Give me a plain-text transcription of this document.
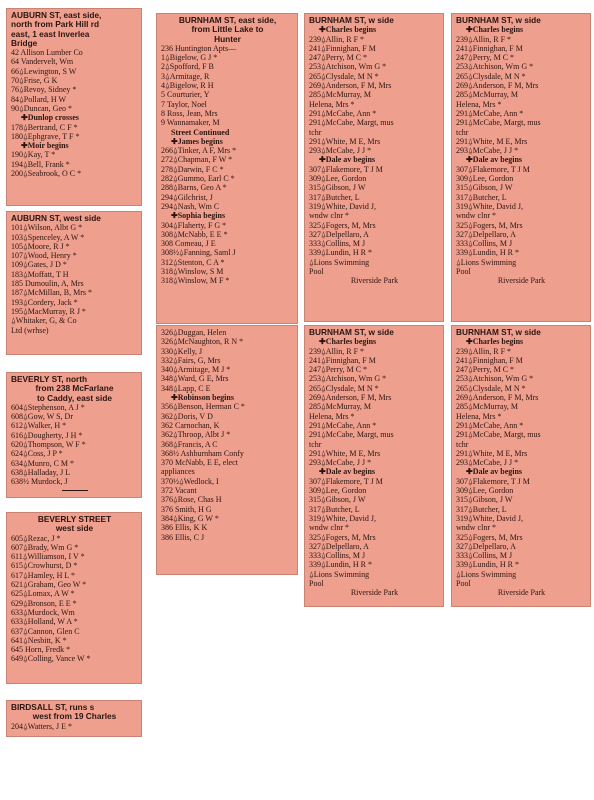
AUBURN ST, east side,
north from Park Hill rd
east, 1 east Inverlea
Bridge
42 Allison Lumber Co
64 Vandervelt, Wm
66⍙Lewington, S W
70⍙Frise, G K
76⍙Revoy, Sidney *
84⍙Pollard, H W
90⍙Duncan, Geo *
✚Dunlop crosses
178⍙Bertrand, C F *
180⍙Ephgrave, T F *
✚Moir begins
190⍙Kay, T *
194⍙Bell, Frank *
200⍙Seabrook, O C *
AUBURN ST, west side
101⍙Wilson, Albt G *
103⍙Spenceley, A W *
105⍙Moore, R J *
107⍙Wood, Henry *
109⍙Gates, J D *
183⍙Moffatt, T H
185 Dumoulin, A, Mrs
187⍙McMillan, B, Mrs *
193⍙Cordery, Jack *
195⍙MacMurray, R J *
⍙Whitaker, G, & Co
Ltd (wrhse)
BEVERLY ST, north
from 238 McFarlane
to Caddy, east side
604⍙Stephenson, A J *
608⍙Gow, W S, Dr
612⍙Walker, H *
616⍙Dougherty, J H *
620⍙Thompson, W F *
624⍙Coss, J P *
634⍙Munro, C M *
638⍙Halladay, J L
638½ Murdock, J
BEVERLY STREET
west side
605⍙Rezac, J *
607⍙Brady, Wm G *
611⍙Williamson, I V *
615⍙Crowhurst, D *
617⍙Hamley, H L *
621⍙Graham, Geo W *
625⍙Lomax, A W *
629⍙Bronson, E E *
633⍙Murdock, Wm
633⍙Holland, W A *
637⍙Cannon, Glen C
641⍙Nesbitt, K *
645 Horn, Fredk *
649⍙Colling, Vance W *
BIRDSALL ST, runs s
west from 19 Charles
204⍙Watters, J E *
BURNHAM ST, east side,
from Little Lake to
Hunter
236 Huntington Apts—
1⍙Bigelow, G J *
2⍙Spofford, F B
3⍙Armitage, R
4⍙Bigelow, R H
5 Courturier, Y
7 Taylor, Noel
8 Ross, Jean, Mrs
9 Wannamaker, M
Street Continued
✚James begins
266⍙Tinker, A F, Mrs *
272⍙Chapman, F W *
278⍙Darwin, F C *
282⍙Gummo, Earl C *
288⍙Barns, Geo A *
294⍙Gilchrist, J
294⍙Nash, Wm C
✚Sophia begins
304⍙Flaherty, F G *
308⍙McNabb, E E *
308 Comeau, J E
308½⍙Fanning, Saml J
312⍙Stenton, C A *
318⍙Winslow, S M
318⍙Winslow, M F *
326⍙Duggan, Helen
326⍙McNaughton, R N *
330⍙Kelly, J
332⍙Fairs, G, Mrs
340⍙Armitage, M J *
348⍙Ward, G E, Mrs
348⍙Lapp, C E
✚Robinson begins
356⍙Benson, Herman C *
362⍙Doris, V D
362 Carnochan, K
362⍙Throop, Albt J *
368⍙Francis, A C
368½ Ashburnham Confy
370 McNabb, E E, elect
appliances
370½⍙Wedlock, I
372 Vacant
376⍙Rose, Chas H
376 Smith, H G
384⍙King, G W *
386 Ellis, K K
386 Ellis, C J
BURNHAM ST, w side
✚Charles begins
239⍙Allin, R F *
241⍙Finnighan, F M
247⍙Perry, M C *
253⍙Atchison, Wm G *
265⍙Clysdale, M N *
269⍙Anderson, F M, Mrs
285⍙McMurray, M
Helena, Mrs *
291⍙McCabe, Ann *
291⍙McCabe, Margt, mus
tchr
291⍙White, M E, Mrs
293⍙McCabe, J J *
✚Dale av begins
307⍙Flakemore, T J M
309⍙Lee, Gordon
315⍙Gibson, J W
317⍙Butcher, L
319⍙White, David J,
wndw clnr *
325⍙Fogers, M, Mrs
327⍙Delpellaro, A
333⍙Collins, M J
339⍙Lundin, H R *
⍙Lions Swimming
Pool
Riverside Park
BURNHAM ST, w side
✚Charles begins
239⍙Allin, R F *
241⍙Finnighan, F M
247⍙Perry, M C *
253⍙Atchison, Wm G *
265⍙Clysdale, M N *
269⍙Anderson, F M, Mrs
285⍙McMurray, M
Helena, Mrs *
291⍙McCabe, Ann *
291⍙McCabe, Margt, mus
tchr
291⍙White, M E, Mrs
293⍙McCabe, J J *
✚Dale av begins
307⍙Flakemore, T J M
309⍙Lee, Gordon
315⍙Gibson, J W
317⍙Butcher, L
319⍙White, David J,
wndw clnr *
325⍙Fogers, M, Mrs
327⍙Delpellaro, A
333⍙Collins, M J
339⍙Lundin, H R *
⍙Lions Swimming
Pool
Riverside Park
BURNHAM ST, w side
✚Charles begins
239⍙Allin, R F *
241⍙Finnighan, F M
247⍙Perry, M C *
253⍙Atchison, Wm G *
265⍙Clysdale, M N *
269⍙Anderson, F M, Mrs
285⍙McMurray, M
Helena, Mrs *
291⍙McCabe, Ann *
291⍙McCabe, Margt, mus
tchr
291⍙White, M E, Mrs
293⍙McCabe, J J *
✚Dale av begins
307⍙Flakemore, T J M
309⍙Lee, Gordon
315⍙Gibson, J W
317⍙Butcher, L
319⍙White, David J,
wndw clnr *
325⍙Fogers, M, Mrs
327⍙Delpellaro, A
333⍙Collins, M J
339⍙Lundin, H R *
⍙Lions Swimming
Pool
Riverside Park
BURNHAM ST, w side
✚Charles begins
239⍙Allin, R F *
241⍙Finnighan, F M
247⍙Perry, M C *
253⍙Atchison, Wm G *
265⍙Clysdale, M N *
269⍙Anderson, F M, Mrs
285⍙McMurray, M
Helena, Mrs *
291⍙McCabe, Ann *
291⍙McCabe, Margt, mus
tchr
291⍙White, M E, Mrs
293⍙McCabe, J J *
✚Dale av begins
307⍙Flakemore, T J M
309⍙Lee, Gordon
315⍙Gibson, J W
317⍙Butcher, L
319⍙White, David J,
wndw clnr *
325⍙Fogers, M, Mrs
327⍙Delpellaro, A
333⍙Collins, M J
339⍙Lundin, H R *
⍙Lions Swimming
Pool
Riverside Park
